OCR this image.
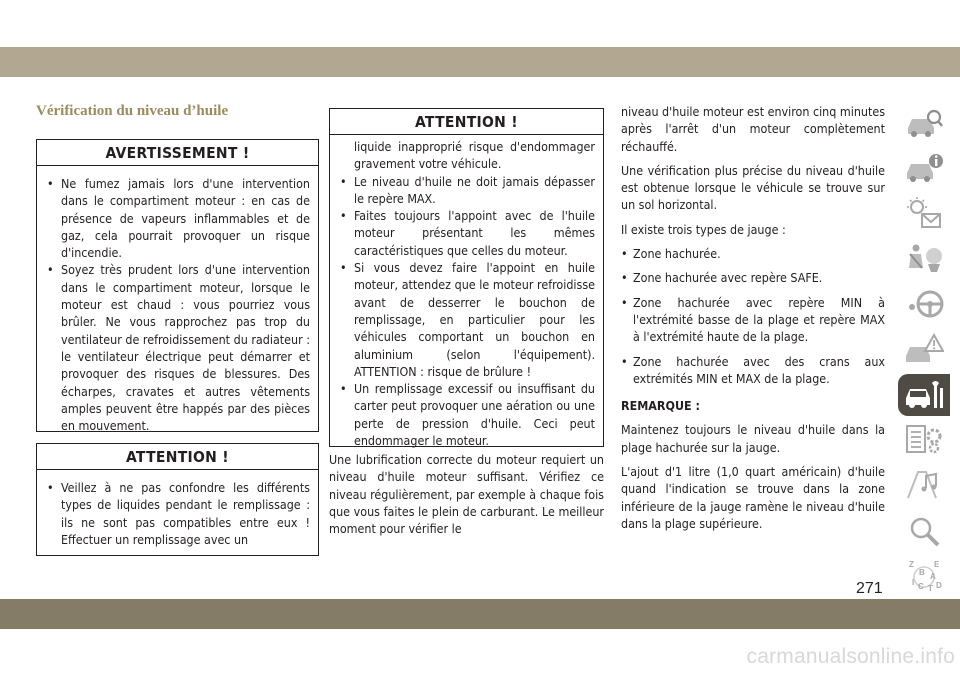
Vérification du niveau d’huile
AVERTISSEMENT !
• Ne fumez jamais lors d'une intervention dans le compartiment moteur : en cas de présence de vapeurs inflammables et de gaz, cela pourrait provoquer un risque d'incendie.
• Soyez très prudent lors d'une intervention dans le compartiment moteur, lorsque le moteur est chaud : vous pourriez vous brûler. Ne vous rapprochez pas trop du ventilateur de refroidissement du radiateur : le ventilateur électrique peut démarrer et provoquer des risques de blessures. Des écharpes, cravates et autres vêtements amples peuvent être happés par des pièces en mouvement.
ATTENTION !
• Veillez à ne pas confondre les différents types de liquides pendant le remplissage : ils ne sont pas compatibles entre eux ! Effectuer un remplissage avec un
ATTENTION !
liquide inapproprié risque d'endommager gravement votre véhicule.
• Le niveau d'huile ne doit jamais dépasser le repère MAX.
• Faites toujours l'appoint avec de l'huile moteur présentant les mêmes caractéristiques que celles du moteur.
• Si vous devez faire l'appoint en huile moteur, attendez que le moteur refroidisse avant de desserrer le bouchon de remplissage, en particulier pour les véhicules comportant un bouchon en aluminium (selon l'équipement). ATTENTION : risque de brûlure !
• Un remplissage excessif ou insuffisant du carter peut provoquer une aération ou une perte de pression d'huile. Ceci peut endommager le moteur.

Une lubrification correcte du moteur requiert un niveau d'huile moteur suffisant. Vérifiez ce niveau régulièrement, par exemple à chaque fois que vous faites le plein de carburant. Le meilleur moment pour vérifier le

niveau d'huile moteur est environ cinq minutes après l'arrêt d'un moteur complètement réchauffé.

Une vérification plus précise du niveau d'huile est obtenue lorsque le véhicule se trouve sur un sol horizontal.

Il existe trois types de jauge :

• Zone hachurée.

• Zone hachurée avec repère SAFE.

• Zone hachurée avec repère MIN à l'extrémité basse de la plage et repère MAX à l'extrémité haute de la plage.

• Zone hachurée avec des crans aux extrémités MIN et MAX de la plage.

REMARQUE :

Maintenez toujours le niveau d'huile dans la plage hachurée sur la jauge.

L'ajout d'1 litre (1,0 quart américain) d'huile quand l'indication se trouve dans la zone inférieure de la jauge ramène le niveau d'huile dans la plage supérieure.

Z	E
B A
I C T D
271
carmanualsonline.info
